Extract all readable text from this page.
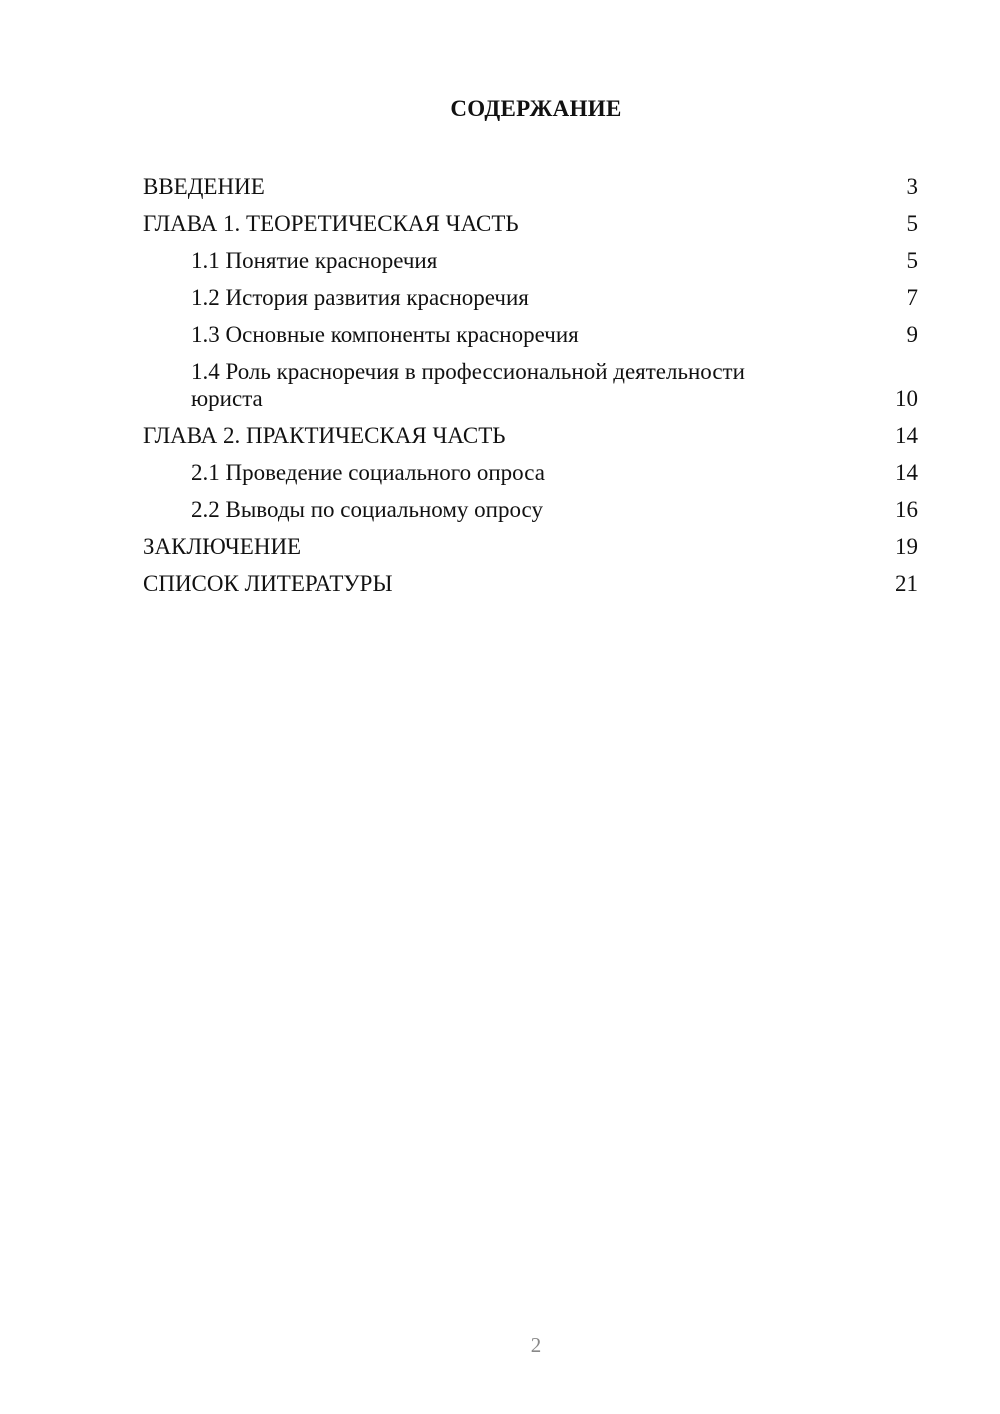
СОДЕРЖАНИЕ
ВВЕДЕНИЕ	3
ГЛАВА 1. ТЕОРЕТИЧЕСКАЯ ЧАСТЬ	5
1.1 Понятие красноречия	5
1.2 История развития красноречия	7
1.3 Основные компоненты красноречия	9
1.4 Роль красноречия в профессиональной деятельности юриста	10
ГЛАВА 2. ПРАКТИЧЕСКАЯ ЧАСТЬ	14
2.1 Проведение социального опроса	14
2.2 Выводы по социальному опросу	16
ЗАКЛЮЧЕНИЕ	19
СПИСОК ЛИТЕРАТУРЫ	21
2
